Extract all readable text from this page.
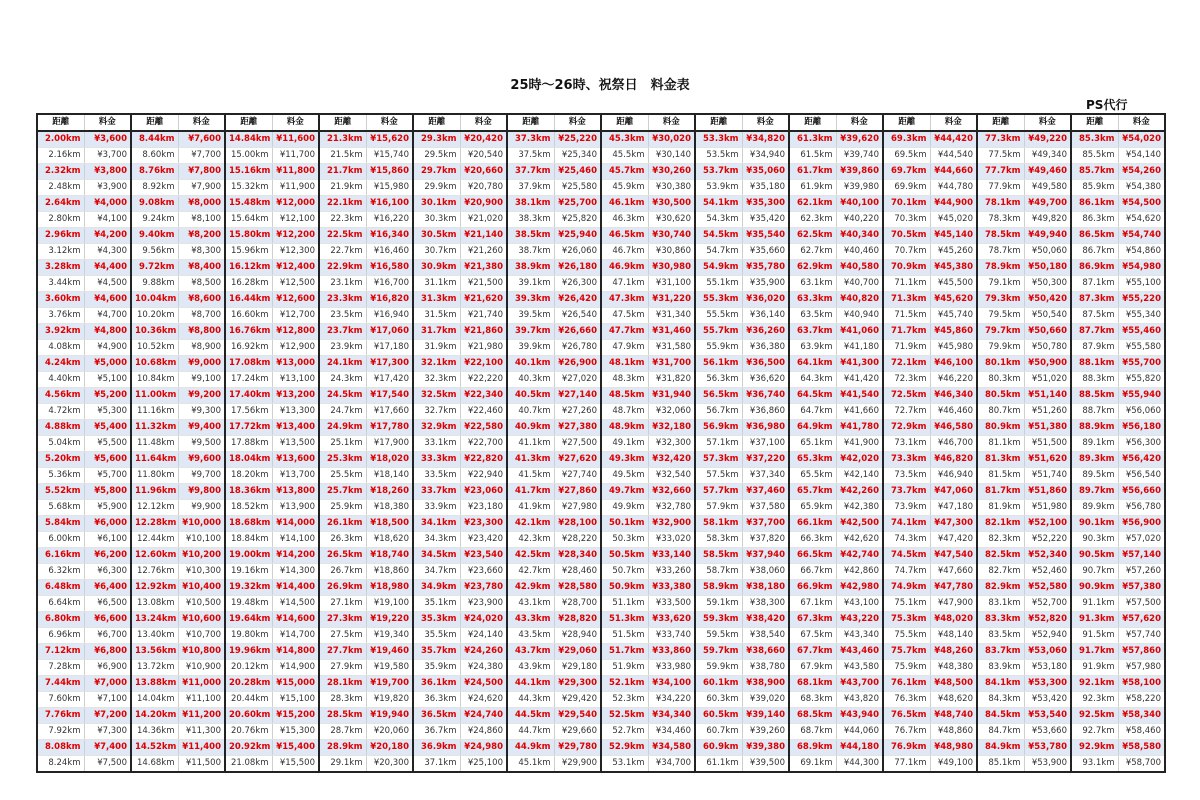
25時～26時、祝祭日　料金表
PS代行
距離	料金	距離	料金	距離	料金	距離	料金	距離	料金	距離	料金	距離	料金	距離	料金	距離	料金	距離	料金	距離	料金	距離	料金
2.00km	¥3,600	8.44km	¥7,600	14.84km	¥11,600	21.3km	¥15,620	29.3km	¥20,420	37.3km	¥25,220	45.3km	¥30,020	53.3km	¥34,820	61.3km	¥39,620	69.3km	¥44,420	77.3km	¥49,220	85.3km	¥54,020
2.16km	¥3,700	8.60km	¥7,700	15.00km	¥11,700	21.5km	¥15,740	29.5km	¥20,540	37.5km	¥25,340	45.5km	¥30,140	53.5km	¥34,940	61.5km	¥39,740	69.5km	¥44,540	77.5km	¥49,340	85.5km	¥54,140
2.32km	¥3,800	8.76km	¥7,800	15.16km	¥11,800	21.7km	¥15,860	29.7km	¥20,660	37.7km	¥25,460	45.7km	¥30,260	53.7km	¥35,060	61.7km	¥39,860	69.7km	¥44,660	77.7km	¥49,460	85.7km	¥54,260
2.48km	¥3,900	8.92km	¥7,900	15.32km	¥11,900	21.9km	¥15,980	29.9km	¥20,780	37.9km	¥25,580	45.9km	¥30,380	53.9km	¥35,180	61.9km	¥39,980	69.9km	¥44,780	77.9km	¥49,580	85.9km	¥54,380
2.64km	¥4,000	9.08km	¥8,000	15.48km	¥12,000	22.1km	¥16,100	30.1km	¥20,900	38.1km	¥25,700	46.1km	¥30,500	54.1km	¥35,300	62.1km	¥40,100	70.1km	¥44,900	78.1km	¥49,700	86.1km	¥54,500
2.80km	¥4,100	9.24km	¥8,100	15.64km	¥12,100	22.3km	¥16,220	30.3km	¥21,020	38.3km	¥25,820	46.3km	¥30,620	54.3km	¥35,420	62.3km	¥40,220	70.3km	¥45,020	78.3km	¥49,820	86.3km	¥54,620
2.96km	¥4,200	9.40km	¥8,200	15.80km	¥12,200	22.5km	¥16,340	30.5km	¥21,140	38.5km	¥25,940	46.5km	¥30,740	54.5km	¥35,540	62.5km	¥40,340	70.5km	¥45,140	78.5km	¥49,940	86.5km	¥54,740
3.12km	¥4,300	9.56km	¥8,300	15.96km	¥12,300	22.7km	¥16,460	30.7km	¥21,260	38.7km	¥26,060	46.7km	¥30,860	54.7km	¥35,660	62.7km	¥40,460	70.7km	¥45,260	78.7km	¥50,060	86.7km	¥54,860
3.28km	¥4,400	9.72km	¥8,400	16.12km	¥12,400	22.9km	¥16,580	30.9km	¥21,380	38.9km	¥26,180	46.9km	¥30,980	54.9km	¥35,780	62.9km	¥40,580	70.9km	¥45,380	78.9km	¥50,180	86.9km	¥54,980
3.44km	¥4,500	9.88km	¥8,500	16.28km	¥12,500	23.1km	¥16,700	31.1km	¥21,500	39.1km	¥26,300	47.1km	¥31,100	55.1km	¥35,900	63.1km	¥40,700	71.1km	¥45,500	79.1km	¥50,300	87.1km	¥55,100
3.60km	¥4,600	10.04km	¥8,600	16.44km	¥12,600	23.3km	¥16,820	31.3km	¥21,620	39.3km	¥26,420	47.3km	¥31,220	55.3km	¥36,020	63.3km	¥40,820	71.3km	¥45,620	79.3km	¥50,420	87.3km	¥55,220
3.76km	¥4,700	10.20km	¥8,700	16.60km	¥12,700	23.5km	¥16,940	31.5km	¥21,740	39.5km	¥26,540	47.5km	¥31,340	55.5km	¥36,140	63.5km	¥40,940	71.5km	¥45,740	79.5km	¥50,540	87.5km	¥55,340
3.92km	¥4,800	10.36km	¥8,800	16.76km	¥12,800	23.7km	¥17,060	31.7km	¥21,860	39.7km	¥26,660	47.7km	¥31,460	55.7km	¥36,260	63.7km	¥41,060	71.7km	¥45,860	79.7km	¥50,660	87.7km	¥55,460
4.08km	¥4,900	10.52km	¥8,900	16.92km	¥12,900	23.9km	¥17,180	31.9km	¥21,980	39.9km	¥26,780	47.9km	¥31,580	55.9km	¥36,380	63.9km	¥41,180	71.9km	¥45,980	79.9km	¥50,780	87.9km	¥55,580
4.24km	¥5,000	10.68km	¥9,000	17.08km	¥13,000	24.1km	¥17,300	32.1km	¥22,100	40.1km	¥26,900	48.1km	¥31,700	56.1km	¥36,500	64.1km	¥41,300	72.1km	¥46,100	80.1km	¥50,900	88.1km	¥55,700
4.40km	¥5,100	10.84km	¥9,100	17.24km	¥13,100	24.3km	¥17,420	32.3km	¥22,220	40.3km	¥27,020	48.3km	¥31,820	56.3km	¥36,620	64.3km	¥41,420	72.3km	¥46,220	80.3km	¥51,020	88.3km	¥55,820
4.56km	¥5,200	11.00km	¥9,200	17.40km	¥13,200	24.5km	¥17,540	32.5km	¥22,340	40.5km	¥27,140	48.5km	¥31,940	56.5km	¥36,740	64.5km	¥41,540	72.5km	¥46,340	80.5km	¥51,140	88.5km	¥55,940
4.72km	¥5,300	11.16km	¥9,300	17.56km	¥13,300	24.7km	¥17,660	32.7km	¥22,460	40.7km	¥27,260	48.7km	¥32,060	56.7km	¥36,860	64.7km	¥41,660	72.7km	¥46,460	80.7km	¥51,260	88.7km	¥56,060
4.88km	¥5,400	11.32km	¥9,400	17.72km	¥13,400	24.9km	¥17,780	32.9km	¥22,580	40.9km	¥27,380	48.9km	¥32,180	56.9km	¥36,980	64.9km	¥41,780	72.9km	¥46,580	80.9km	¥51,380	88.9km	¥56,180
5.04km	¥5,500	11.48km	¥9,500	17.88km	¥13,500	25.1km	¥17,900	33.1km	¥22,700	41.1km	¥27,500	49.1km	¥32,300	57.1km	¥37,100	65.1km	¥41,900	73.1km	¥46,700	81.1km	¥51,500	89.1km	¥56,300
5.20km	¥5,600	11.64km	¥9,600	18.04km	¥13,600	25.3km	¥18,020	33.3km	¥22,820	41.3km	¥27,620	49.3km	¥32,420	57.3km	¥37,220	65.3km	¥42,020	73.3km	¥46,820	81.3km	¥51,620	89.3km	¥56,420
5.36km	¥5,700	11.80km	¥9,700	18.20km	¥13,700	25.5km	¥18,140	33.5km	¥22,940	41.5km	¥27,740	49.5km	¥32,540	57.5km	¥37,340	65.5km	¥42,140	73.5km	¥46,940	81.5km	¥51,740	89.5km	¥56,540
5.52km	¥5,800	11.96km	¥9,800	18.36km	¥13,800	25.7km	¥18,260	33.7km	¥23,060	41.7km	¥27,860	49.7km	¥32,660	57.7km	¥37,460	65.7km	¥42,260	73.7km	¥47,060	81.7km	¥51,860	89.7km	¥56,660
5.68km	¥5,900	12.12km	¥9,900	18.52km	¥13,900	25.9km	¥18,380	33.9km	¥23,180	41.9km	¥27,980	49.9km	¥32,780	57.9km	¥37,580	65.9km	¥42,380	73.9km	¥47,180	81.9km	¥51,980	89.9km	¥56,780
5.84km	¥6,000	12.28km	¥10,000	18.68km	¥14,000	26.1km	¥18,500	34.1km	¥23,300	42.1km	¥28,100	50.1km	¥32,900	58.1km	¥37,700	66.1km	¥42,500	74.1km	¥47,300	82.1km	¥52,100	90.1km	¥56,900
6.00km	¥6,100	12.44km	¥10,100	18.84km	¥14,100	26.3km	¥18,620	34.3km	¥23,420	42.3km	¥28,220	50.3km	¥33,020	58.3km	¥37,820	66.3km	¥42,620	74.3km	¥47,420	82.3km	¥52,220	90.3km	¥57,020
6.16km	¥6,200	12.60km	¥10,200	19.00km	¥14,200	26.5km	¥18,740	34.5km	¥23,540	42.5km	¥28,340	50.5km	¥33,140	58.5km	¥37,940	66.5km	¥42,740	74.5km	¥47,540	82.5km	¥52,340	90.5km	¥57,140
6.32km	¥6,300	12.76km	¥10,300	19.16km	¥14,300	26.7km	¥18,860	34.7km	¥23,660	42.7km	¥28,460	50.7km	¥33,260	58.7km	¥38,060	66.7km	¥42,860	74.7km	¥47,660	82.7km	¥52,460	90.7km	¥57,260
6.48km	¥6,400	12.92km	¥10,400	19.32km	¥14,400	26.9km	¥18,980	34.9km	¥23,780	42.9km	¥28,580	50.9km	¥33,380	58.9km	¥38,180	66.9km	¥42,980	74.9km	¥47,780	82.9km	¥52,580	90.9km	¥57,380
6.64km	¥6,500	13.08km	¥10,500	19.48km	¥14,500	27.1km	¥19,100	35.1km	¥23,900	43.1km	¥28,700	51.1km	¥33,500	59.1km	¥38,300	67.1km	¥43,100	75.1km	¥47,900	83.1km	¥52,700	91.1km	¥57,500
6.80km	¥6,600	13.24km	¥10,600	19.64km	¥14,600	27.3km	¥19,220	35.3km	¥24,020	43.3km	¥28,820	51.3km	¥33,620	59.3km	¥38,420	67.3km	¥43,220	75.3km	¥48,020	83.3km	¥52,820	91.3km	¥57,620
6.96km	¥6,700	13.40km	¥10,700	19.80km	¥14,700	27.5km	¥19,340	35.5km	¥24,140	43.5km	¥28,940	51.5km	¥33,740	59.5km	¥38,540	67.5km	¥43,340	75.5km	¥48,140	83.5km	¥52,940	91.5km	¥57,740
7.12km	¥6,800	13.56km	¥10,800	19.96km	¥14,800	27.7km	¥19,460	35.7km	¥24,260	43.7km	¥29,060	51.7km	¥33,860	59.7km	¥38,660	67.7km	¥43,460	75.7km	¥48,260	83.7km	¥53,060	91.7km	¥57,860
7.28km	¥6,900	13.72km	¥10,900	20.12km	¥14,900	27.9km	¥19,580	35.9km	¥24,380	43.9km	¥29,180	51.9km	¥33,980	59.9km	¥38,780	67.9km	¥43,580	75.9km	¥48,380	83.9km	¥53,180	91.9km	¥57,980
7.44km	¥7,000	13.88km	¥11,000	20.28km	¥15,000	28.1km	¥19,700	36.1km	¥24,500	44.1km	¥29,300	52.1km	¥34,100	60.1km	¥38,900	68.1km	¥43,700	76.1km	¥48,500	84.1km	¥53,300	92.1km	¥58,100
7.60km	¥7,100	14.04km	¥11,100	20.44km	¥15,100	28.3km	¥19,820	36.3km	¥24,620	44.3km	¥29,420	52.3km	¥34,220	60.3km	¥39,020	68.3km	¥43,820	76.3km	¥48,620	84.3km	¥53,420	92.3km	¥58,220
7.76km	¥7,200	14.20km	¥11,200	20.60km	¥15,200	28.5km	¥19,940	36.5km	¥24,740	44.5km	¥29,540	52.5km	¥34,340	60.5km	¥39,140	68.5km	¥43,940	76.5km	¥48,740	84.5km	¥53,540	92.5km	¥58,340
7.92km	¥7,300	14.36km	¥11,300	20.76km	¥15,300	28.7km	¥20,060	36.7km	¥24,860	44.7km	¥29,660	52.7km	¥34,460	60.7km	¥39,260	68.7km	¥44,060	76.7km	¥48,860	84.7km	¥53,660	92.7km	¥58,460
8.08km	¥7,400	14.52km	¥11,400	20.92km	¥15,400	28.9km	¥20,180	36.9km	¥24,980	44.9km	¥29,780	52.9km	¥34,580	60.9km	¥39,380	68.9km	¥44,180	76.9km	¥48,980	84.9km	¥53,780	92.9km	¥58,580
8.24km	¥7,500	14.68km	¥11,500	21.08km	¥15,500	29.1km	¥20,300	37.1km	¥25,100	45.1km	¥29,900	53.1km	¥34,700	61.1km	¥39,500	69.1km	¥44,300	77.1km	¥49,100	85.1km	¥53,900	93.1km	¥58,700
